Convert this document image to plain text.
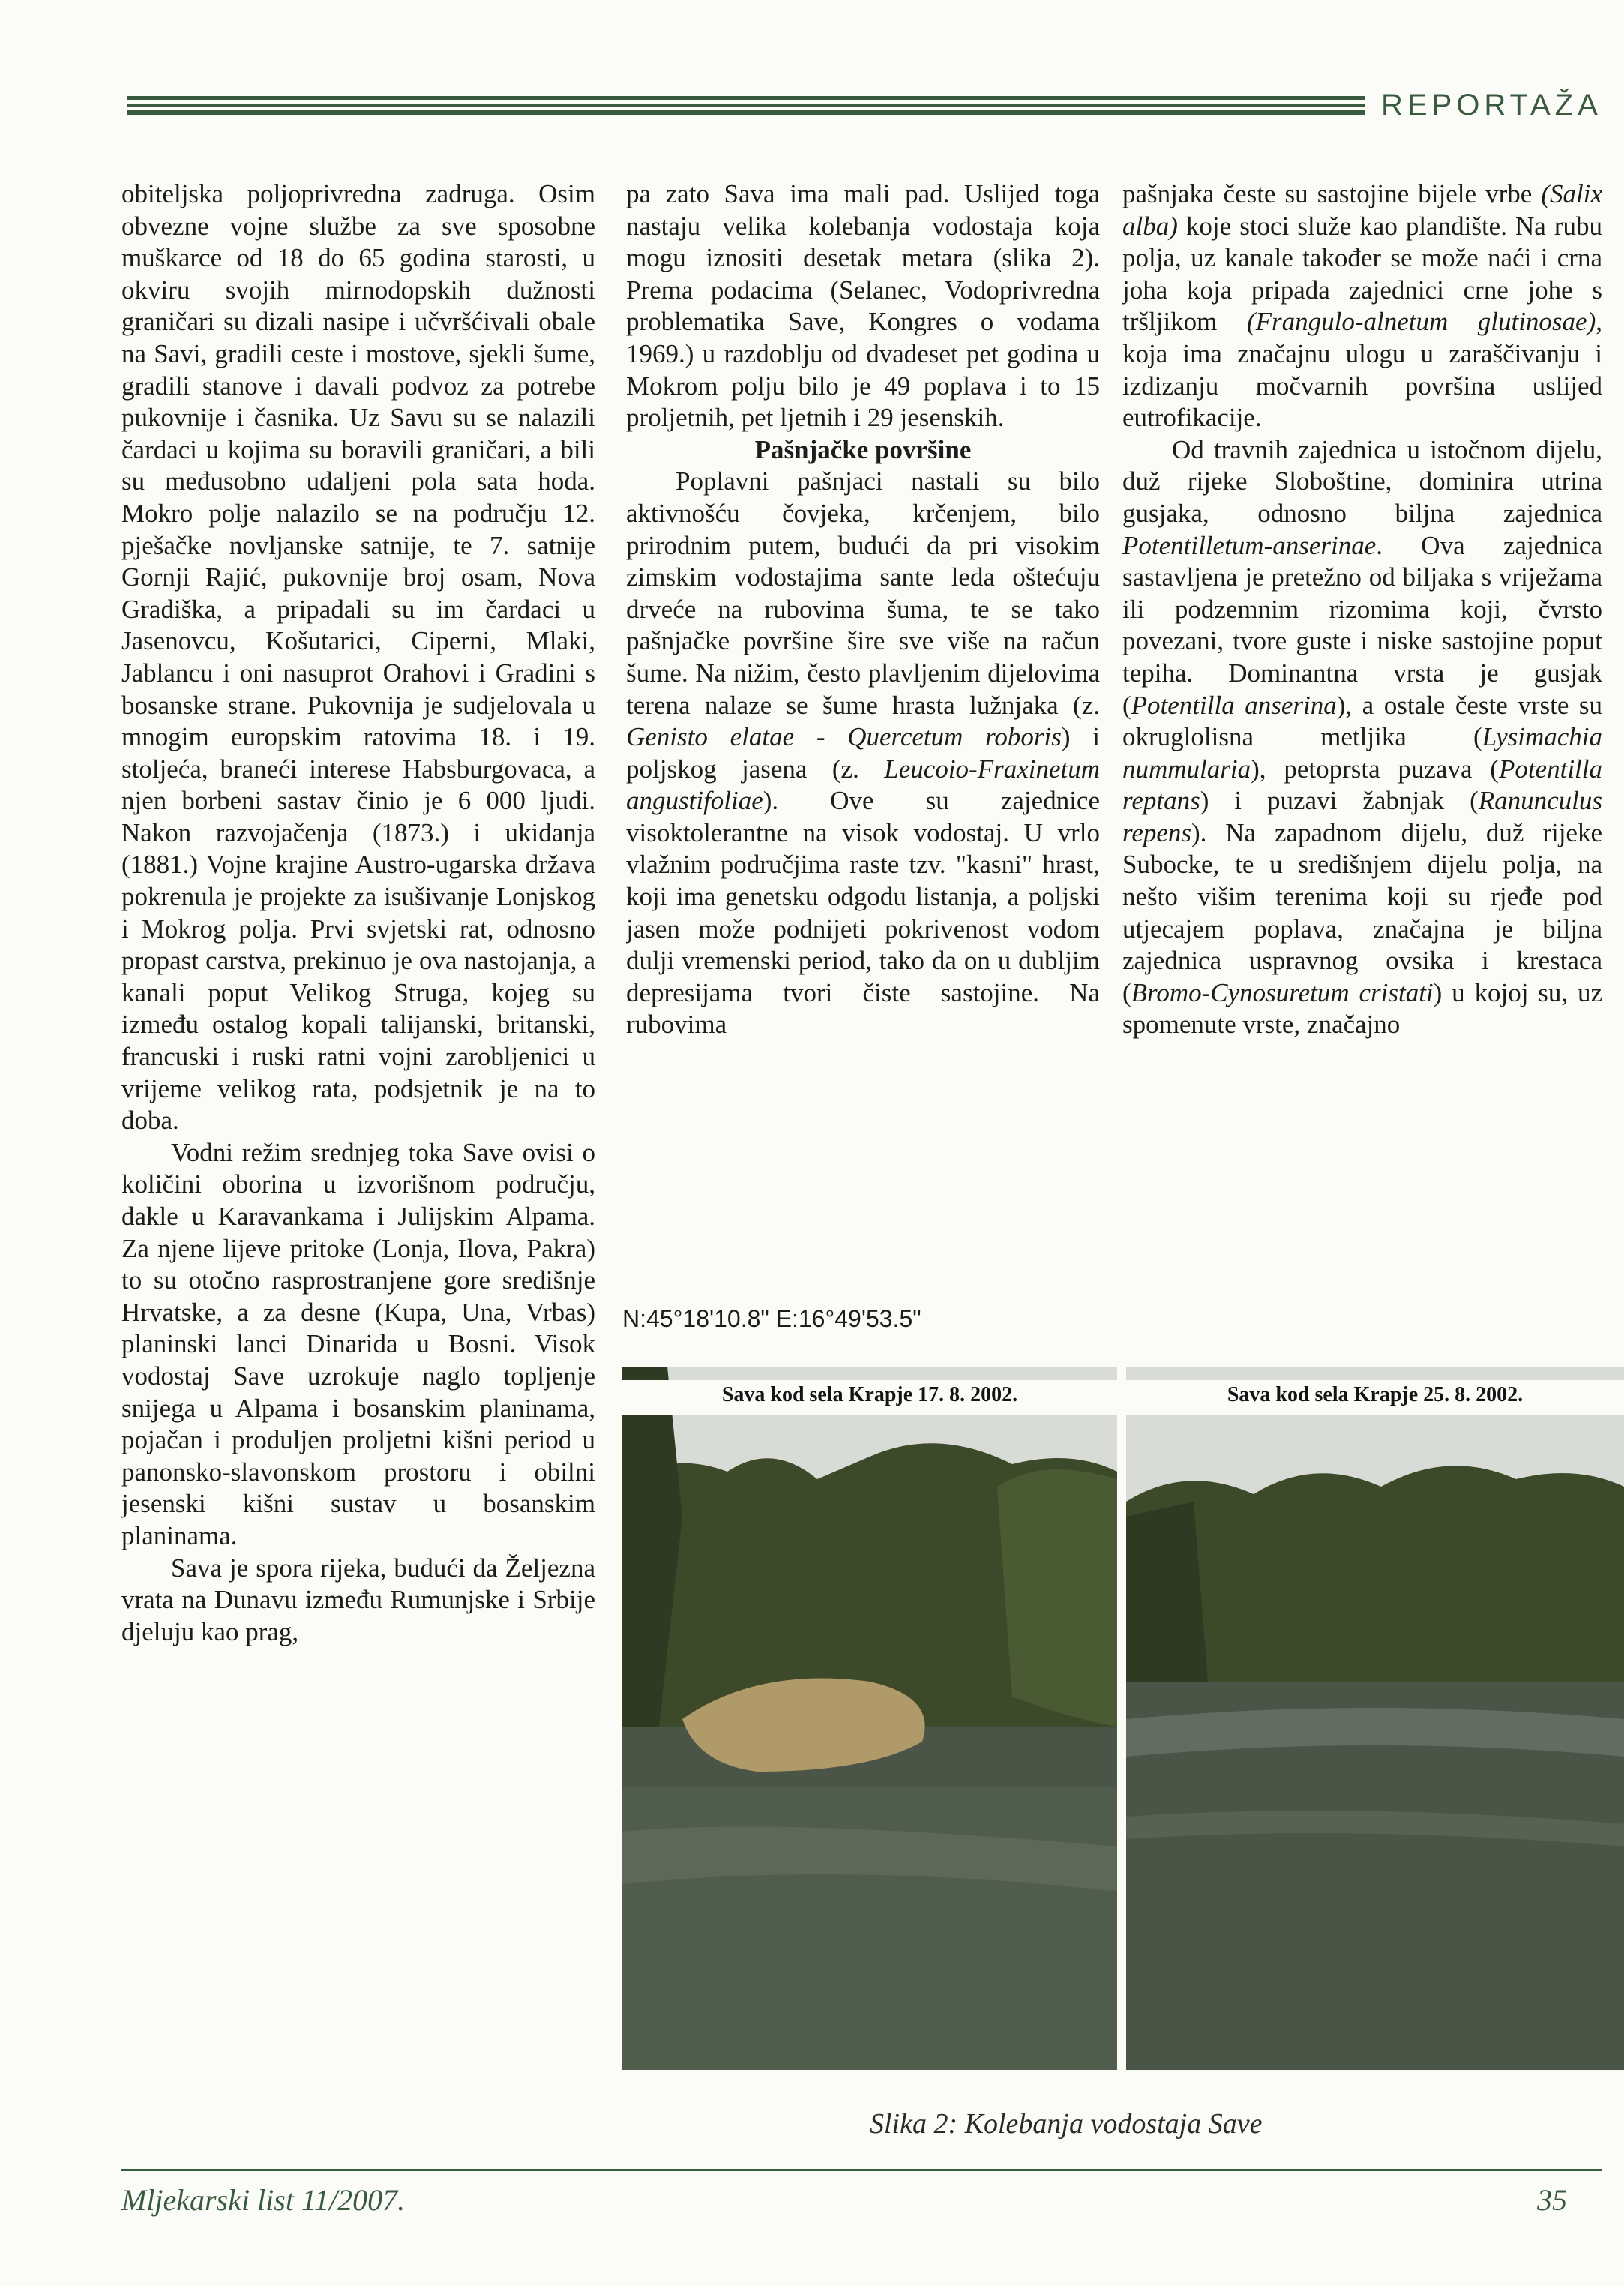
REPORTAŽA

obiteljska poljoprivredna zadruga. Osim obvezne vojne službe za sve sposobne muškarce od 18 do 65 godina starosti, u okviru svojih mirnodopskih dužnosti graničari su dizali nasipe i učvršćivali obale na Savi, gradili ceste i mostove, sjekli šume, gradili stanove i davali podvoz za potrebe pukovnije i časnika. Uz Savu su se nalazili čardaci u kojima su boravili graničari, a bili su međusobno udaljeni pola sata hoda. Mokro polje nalazilo se na području 12. pješačke novljanske satnije, te 7. satnije Gornji Rajić, pukovnije broj osam, Nova Gradiška, a pripadali su im čardaci u Jasenovcu, Košutarici, Ciperni, Mlaki, Jablancu i oni nasuprot Orahovi i Gradini s bosanske strane. Pukovnija je sudjelovala u mnogim europskim ratovima 18. i 19. stoljeća, braneći interese Habsburgovaca, a njen borbeni sastav činio je 6 000 ljudi. Nakon razvojačenja (1873.) i ukidanja (1881.) Vojne krajine Austro-ugarska država pokrenula je projekte za isušivanje Lonjskog i Mokrog polja. Prvi svjetski rat, odnosno propast carstva, prekinuo je ova nastojanja, a kanali poput Velikog Struga, kojeg su između ostalog kopali talijanski, britanski, francuski i ruski ratni vojni zarobljenici u vrijeme velikog rata, podsjetnik je na to doba.

Vodni režim srednjeg toka Save ovisi o količini oborina u izvorišnom području, dakle u Karavankama i Julijskim Alpama. Za njene lijeve pritoke (Lonja, Ilova, Pakra) to su otočno rasprostranjene gore središnje Hrvatske, a za desne (Kupa, Una, Vrbas) planinski lanci Dinarida u Bosni. Visok vodostaj Save uzrokuje naglo topljenje snijega u Alpama i bosanskim planinama, pojačan i produljen proljetni kišni period u panonsko-slavonskom prostoru i obilni jesenski kišni sustav u bosanskim planinama.

Sava je spora rijeka, budući da Željezna vrata na Dunavu između Rumunjske i Srbije djeluju kao prag,

pa zato Sava ima mali pad. Uslijed toga nastaju velika kolebanja vodostaja koja mogu iznositi desetak metara (slika 2). Prema podacima (Selanec, Vodoprivredna problematika Save, Kongres o vodama 1969.) u razdoblju od dvadeset pet godina u Mokrom polju bilo je 49 poplava i to 15 proljetnih, pet ljetnih i 29 jesenskih.

Pašnjačke površine

Poplavni pašnjaci nastali su bilo aktivnošću čovjeka, krčenjem, bilo prirodnim putem, budući da pri visokim zimskim vodostajima sante leda oštećuju drveće na rubovima šuma, te se tako pašnjačke površine šire sve više na račun šume. Na nižim, često plavljenim dijelovima terena nalaze se šume hrasta lužnjaka (z. Genisto elatae - Quercetum roboris) i poljskog jasena (z. Leucoio-Fraxinetum angustifoliae). Ove su zajednice visoktolerantne na visok vodostaj. U vrlo vlažnim područjima raste tzv. "kasni" hrast, koji ima genetsku odgodu listanja, a poljski jasen može podnijeti pokrivenost vodom dulji vremenski period, tako da on u dubljim depresijama tvori čiste sastojine. Na rubovima

pašnjaka česte su sastojine bijele vrbe (Salix alba) koje stoci služe kao plandište. Na rubu polja, uz kanale također se može naći i crna joha koja pripada zajednici crne johe s tršljikom (Frangulo-alnetum glutinosae), koja ima značajnu ulogu u zaraščivanju i izdizanju močvarnih površina uslijed eutrofikacije.

Od travnih zajednica u istočnom dijelu, duž rijeke Sloboštine, dominira utrina gusjaka, odnosno biljna zajednica Potentilletum-anserinae. Ova zajednica sastavljena je pretežno od biljaka s vriježama ili podzemnim rizomima koji, čvrsto povezani, tvore guste i niske sastojine poput tepiha. Dominantna vrsta je gusjak (Potentilla anserina), a ostale česte vrste su okruglolisna metljika (Lysimachia nummularia), petoprsta puzava (Potentilla reptans) i puzavi žabnjak (Ranunculus repens). Na zapadnom dijelu, duž rijeke Subocke, te u središnjem dijelu polja, na nešto višim terenima koji su rjeđe pod utjecajem poplava, značajna je biljna zajednica uspravnog ovsika i krestaca (Bromo-Cynosuretum cristati) u kojoj su, uz spomenute vrste, značajno

N:45°18'10.8" E:16°49'53.5"
Sava kod sela Krapje 17. 8. 2002.	Sava kod sela Krapje 25. 8. 2002.
Slika 2: Kolebanja vodostaja Save
Mljekarski list 11/2007.	35
